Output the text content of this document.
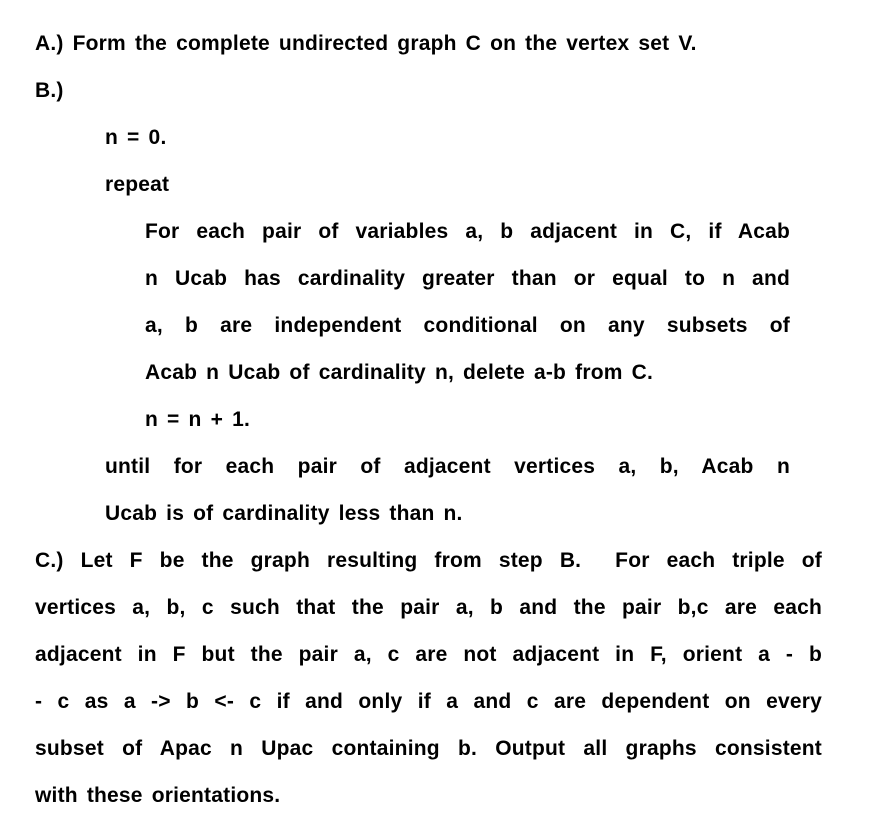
A.) Form the complete undirected graph C on the vertex set V.
B.)
n = 0.
repeat
For each pair of variables a, b adjacent in C, if Acab
n Ucab has cardinality greater than or equal to n and
a, b are independent conditional on any subsets of
Acab n Ucab of cardinality n, delete a-b from C.
n = n + 1.
until for each pair of adjacent vertices a, b, Acab n
Ucab is of cardinality less than n.
C.) Let F be the graph resulting from step B.  For each triple of
vertices a, b, c such that the pair a, b and the pair b,c are each
adjacent in F but the pair a, c are not adjacent in F, orient a - b
- c as a -> b <- c if and only if a and c are dependent on every
subset of Apac n Upac containing b. Output all graphs consistent
with these orientations.
